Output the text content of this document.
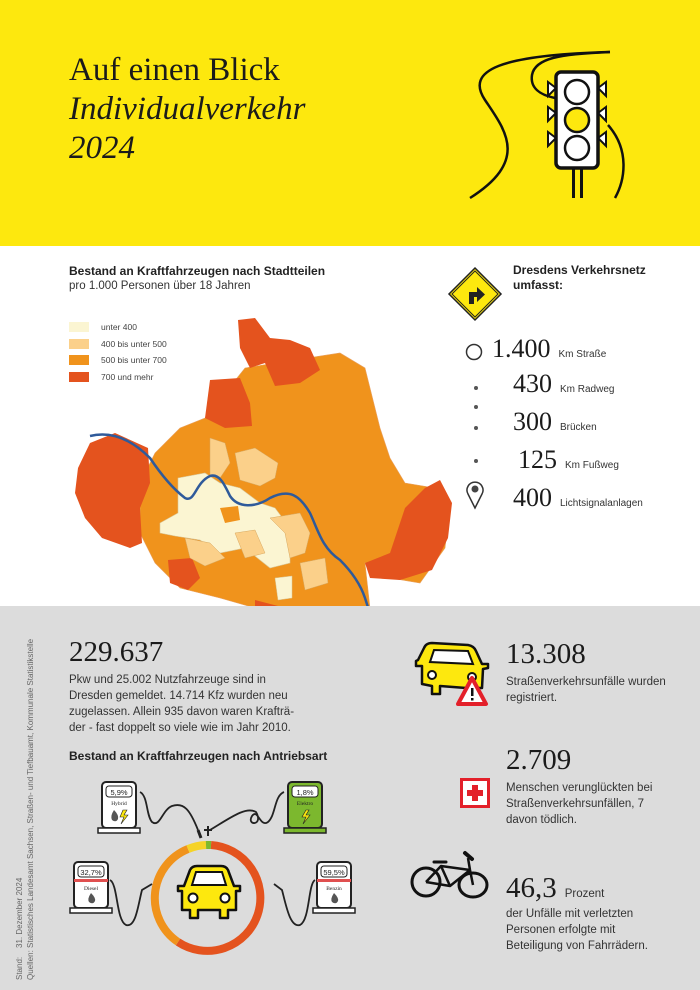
Auf einen Blick
Individualverkehr
2024
Bestand an Kraftfahrzeugen nach Stadtteilen
pro 1.000 Personen über 18 Jahren
unter 400
400 bis unter 500
500 bis unter 700
700 und mehr
Dresdens Verkehrsnetz
umfasst:
1.400 Km Straße
430 Km Radweg
300 Brücken
125 Km Fußweg
400 Lichtsignalanlagen
Stand:    31. Dezember 2024
Quellen: Statistisches Landesamt Sachsen, Straßen- und Tiefbauamt, Kommunale Statistikstelle 229.637
Pkw und 25.002 Nutzfahrzeuge sind in
Dresden gemeldet. 14.714 Kfz wurden neu
zugelassen. Allein 935 davon waren Krafträ-
der - fast doppelt so viele wie im Jahr 2010.
Bestand an Kraftfahrzeugen nach Antriebsart
5,9%
Hybrid
1,8%
Elektro
32,7%
Diesel
59,5%
Benzin
13.308
Straßenverkehrsunfälle wurden
registriert.
2.709
Menschen verunglückten bei
Straßenverkehrsunfällen, 7
davon tödlich.
46,3 Prozent
der Unfälle mit verletzten
Personen erfolgte mit
Beteiligung von Fahrrädern.
